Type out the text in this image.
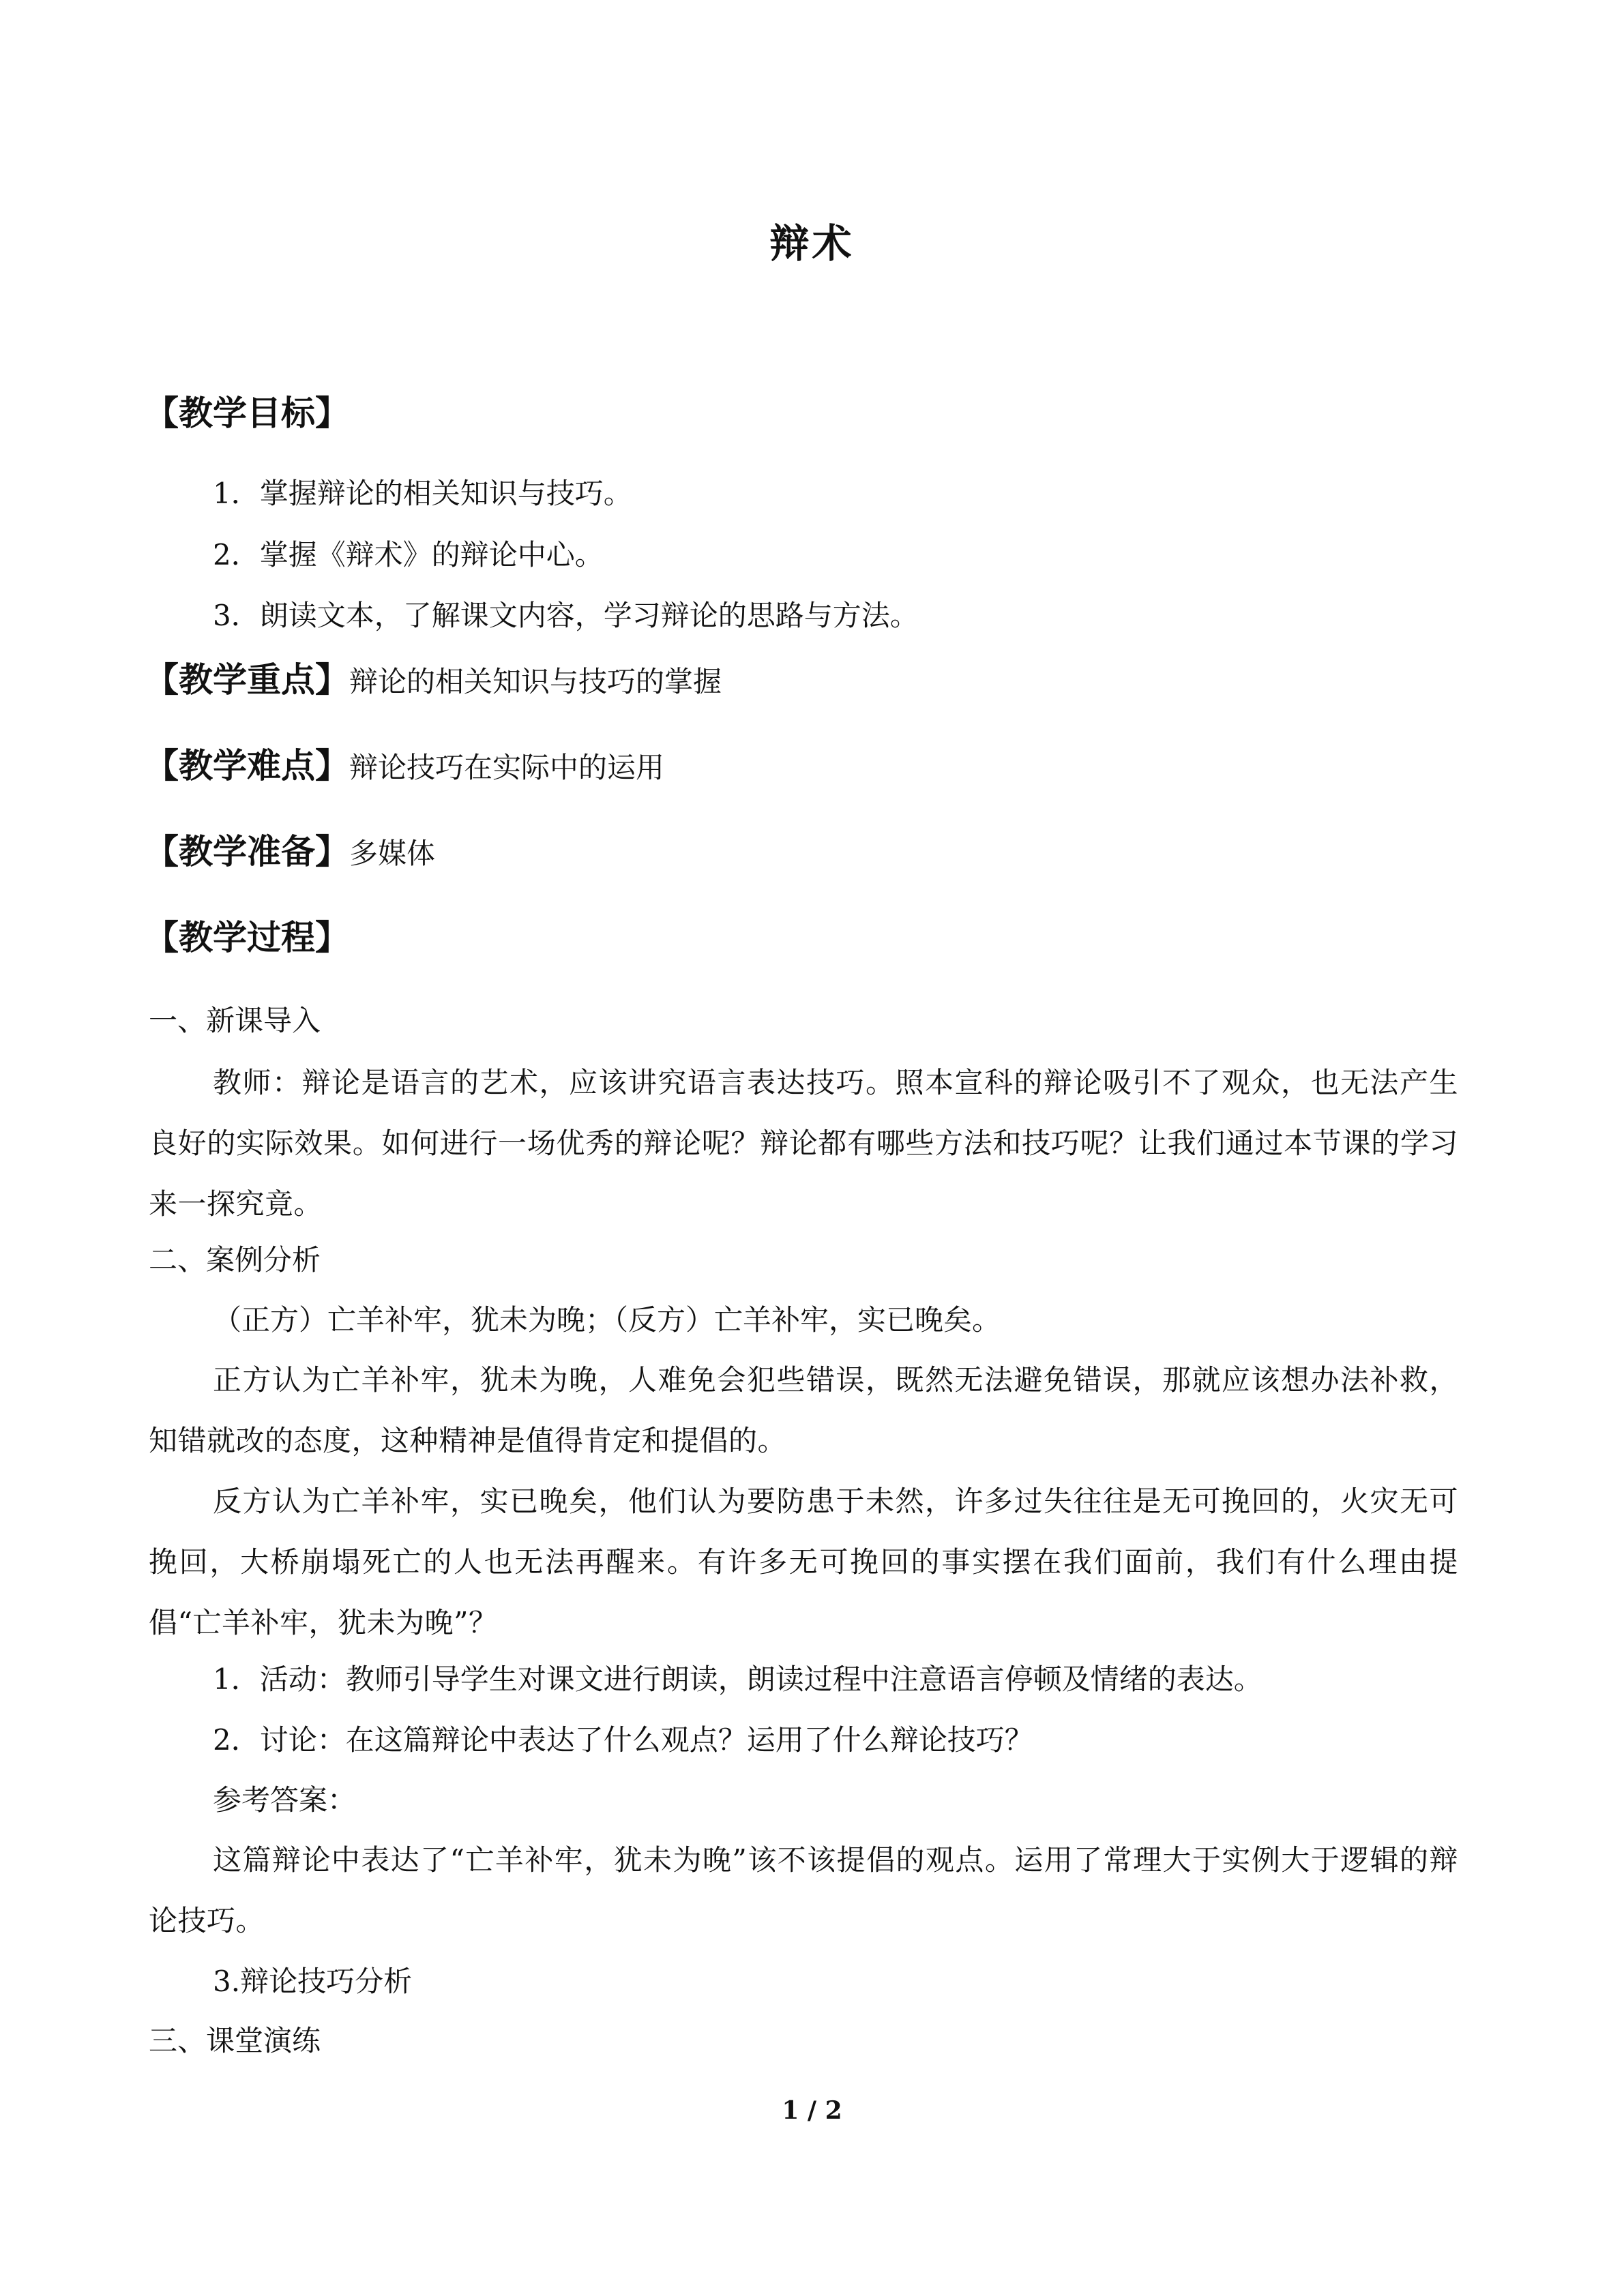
辩术
【教学目标】
1．掌握辩论的相关知识与技巧。
2．掌握《辩术》的辩论中心。
3．朗读文本，了解课文内容，学习辩论的思路与方法。
【教学重点】辩论的相关知识与技巧的掌握
【教学难点】辩论技巧在实际中的运用
【教学准备】多媒体
【教学过程】
一、新课导入
教师：辩论是语言的艺术，应该讲究语言表达技巧。照本宣科的辩论吸引不了观众，也无法产生良好的实际效果。如何进行一场优秀的辩论呢？辩论都有哪些方法和技巧呢？让我们通过本节课的学习来一探究竟。
二、案例分析
（正方）亡羊补牢，犹未为晚；（反方）亡羊补牢，实已晚矣。
正方认为亡羊补牢，犹未为晚，人难免会犯些错误，既然无法避免错误，那就应该想办法补救，知错就改的态度，这种精神是值得肯定和提倡的。
反方认为亡羊补牢，实已晚矣，他们认为要防患于未然，许多过失往往是无可挽回的，火灾无可挽回，大桥崩塌死亡的人也无法再醒来。有许多无可挽回的事实摆在我们面前，我们有什么理由提倡“亡羊补牢，犹未为晚”？
1．活动：教师引导学生对课文进行朗读，朗读过程中注意语言停顿及情绪的表达。
2．讨论：在这篇辩论中表达了什么观点？运用了什么辩论技巧？
参考答案：
这篇辩论中表达了“亡羊补牢，犹未为晚”该不该提倡的观点。运用了常理大于实例大于逻辑的辩论技巧。
3.辩论技巧分析
三、课堂演练
1 / 2
